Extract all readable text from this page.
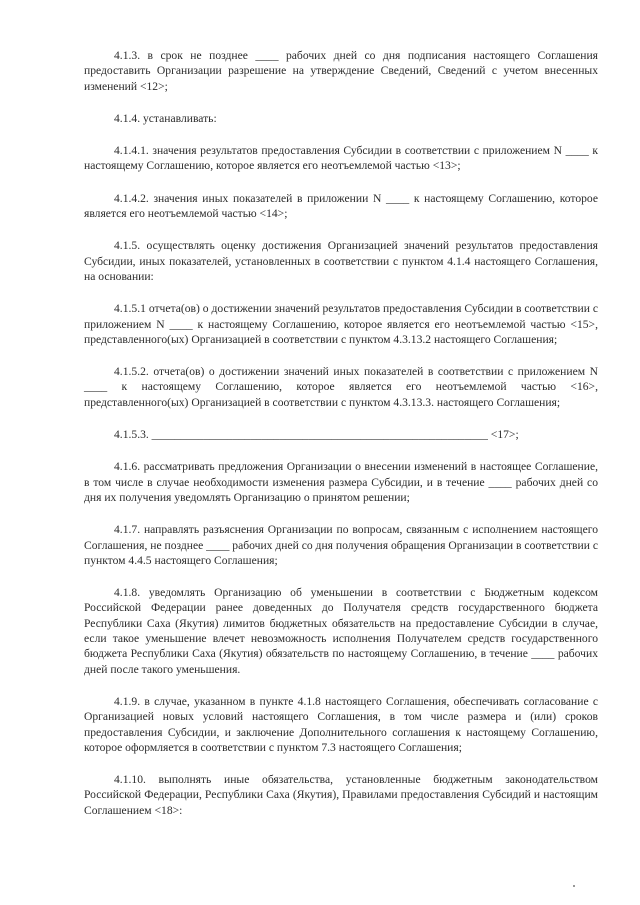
4.1.3. в срок не позднее ____ рабочих дней со дня подписания настоящего Соглашения предоставить Организации разрешение на утверждение Сведений, Сведений с учетом внесенных изменений <12>;

4.1.4. устанавливать:

4.1.4.1. значения результатов предоставления Субсидии в соответствии с приложением N ____ к настоящему Соглашению, которое является его неотъемлемой частью <13>;

4.1.4.2. значения иных показателей в приложении N ____ к настоящему Соглашению, которое является его неотъемлемой частью <14>;

4.1.5. осуществлять оценку достижения Организацией значений результатов предоставления Субсидии, иных показателей, установленных в соответствии с пунктом 4.1.4 настоящего Соглашения, на основании:

4.1.5.1 отчета(ов) о достижении значений результатов предоставления Субсидии в соответствии с приложением N ____ к настоящему Соглашению, которое является его неотъемлемой частью <15>, представленного(ых) Организацией в соответствии с пунктом 4.3.13.2 настоящего Соглашения;

4.1.5.2. отчета(ов) о достижении значений иных показателей в соответствии с приложением N ____ к настоящему Соглашению, которое является его неотъемлемой частью <16>, представленного(ых) Организацией в соответствии с пунктом 4.3.13.3. настоящего Соглашения;

4.1.5.3. __________________________________________________________ <17>;

4.1.6. рассматривать предложения Организации о внесении изменений в настоящее Соглашение, в том числе в случае необходимости изменения размера Субсидии, и в течение ____ рабочих дней со дня их получения уведомлять Организацию о принятом решении;

4.1.7. направлять разъяснения Организации по вопросам, связанным с исполнением настоящего Соглашения, не позднее ____ рабочих дней со дня получения обращения Организации в соответствии с пунктом 4.4.5 настоящего Соглашения;

4.1.8. уведомлять Организацию об уменьшении в соответствии с Бюджетным кодексом Российской Федерации ранее доведенных до Получателя средств государственного бюджета Республики Саха (Якутия) лимитов бюджетных обязательств на предоставление Субсидии в случае, если такое уменьшение влечет невозможность исполнения Получателем средств государственного бюджета Республики Саха (Якутия) обязательств по настоящему Соглашению, в течение ____ рабочих дней после такого уменьшения.

4.1.9. в случае, указанном в пункте 4.1.8 настоящего Соглашения, обеспечивать согласование с Организацией новых условий настоящего Соглашения, в том числе размера и (или) сроков предоставления Субсидии, и заключение Дополнительного соглашения к настоящему Соглашению, которое оформляется в соответствии с пунктом 7.3 настоящего Соглашения;

4.1.10. выполнять иные обязательства, установленные бюджетным законодательством Российской Федерации, Республики Саха (Якутия), Правилами предоставления Субсидий и настоящим Соглашением <18>:
